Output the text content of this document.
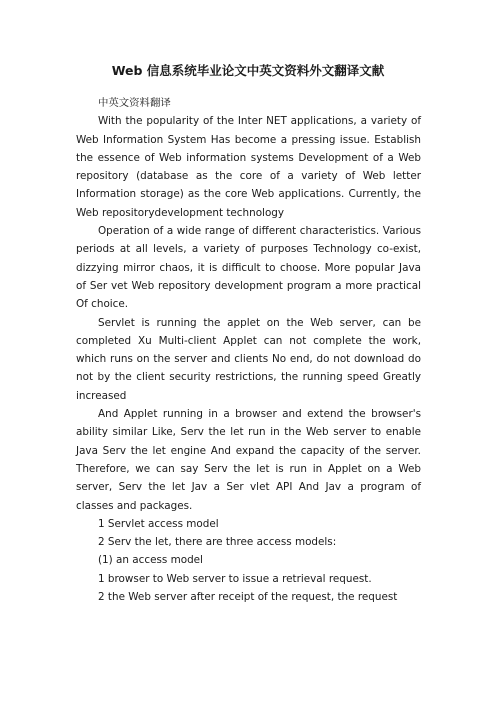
Web 信息系统毕业论文中英文资料外文翻译文献

中英文资料翻译

With the popularity of the Inter NET applications, a variety of Web Information System Has become a pressing issue. Establish the essence of Web information systems Development of a Web repository (database as the core of a variety of Web letter Information storage) as the core Web applications. Currently, the Web repositorydevelopment technology

Operation of a wide range of different characteristics. Various periods at all levels, a variety of purposes Technology co-exist, dizzying mirror chaos, it is difficult to choose. More popular Java of Ser vet Web repository development program a more practical Of choice.

Servlet is running the applet on the Web server, can be completed Xu Multi-client Applet can not complete the work, which runs on the server and clients No end, do not download do not by the client security restrictions, the running speed Greatly increased

And Applet running in a browser and extend the browser's ability similar Like, Serv the let run in the Web server to enable Java Serv the let engine And expand the capacity of the server. Therefore, we can say Serv the let is run in Applet on a Web server, Serv the let Jav a Ser vlet API And Jav a program of classes and packages.

1 Servlet access model

2 Serv the let, there are three access models:

(1) an access model

1 browser to Web server to issue a retrieval request.

2 the Web server after receipt of the request, the request
